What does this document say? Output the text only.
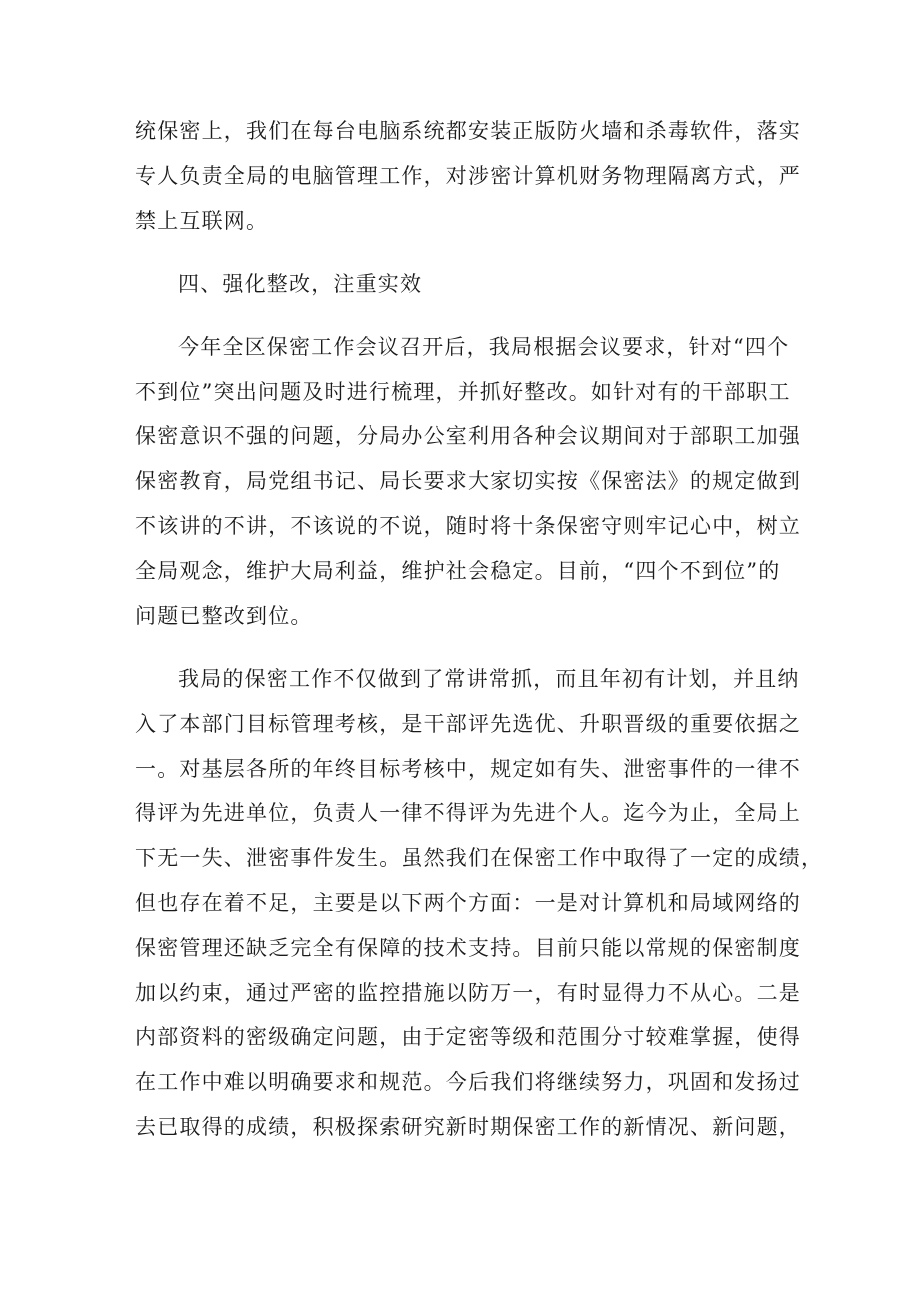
统保密上，我们在每台电脑系统都安装正版防火墙和杀毒软件，落实
专人负责全局的电脑管理工作，对涉密计算机财务物理隔离方式，严
禁上互联网。
四、强化整改，注重实效
今年全区保密工作会议召开后，我局根据会议要求，针对“四个
不到位”突出问题及时进行梳理，并抓好整改。如针对有的干部职工
保密意识不强的问题，分局办公室利用各种会议期间对于部职工加强
保密教育，局党组书记、局长要求大家切实按《保密法》的规定做到
不该讲的不讲，不该说的不说，随时将十条保密守则牢记心中，树立
全局观念，维护大局利益，维护社会稳定。目前，“四个不到位”的
问题已整改到位。
我局的保密工作不仅做到了常讲常抓，而且年初有计划，并且纳
入了本部门目标管理考核，是干部评先选优、升职晋级的重要依据之
一。对基层各所的年终目标考核中，规定如有失、泄密事件的一律不
得评为先进单位，负责人一律不得评为先进个人。迄今为止，全局上
下无一失、泄密事件发生。虽然我们在保密工作中取得了一定的成绩，
但也存在着不足，主要是以下两个方面：一是对计算机和局域网络的
保密管理还缺乏完全有保障的技术支持。目前只能以常规的保密制度
加以约束，通过严密的监控措施以防万一，有时显得力不从心。二是
内部资料的密级确定问题，由于定密等级和范围分寸较难掌握，使得
在工作中难以明确要求和规范。今后我们将继续努力，巩固和发扬过
去已取得的成绩，积极探索研究新时期保密工作的新情况、新问题，
